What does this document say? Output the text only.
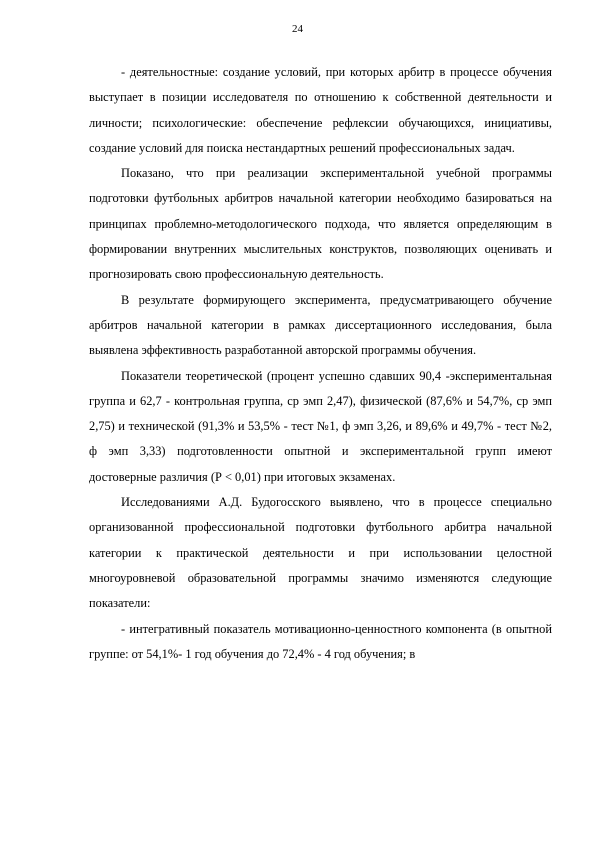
24

- деятельностные: создание условий, при которых арбитр в процессе обучения выступает в позиции исследователя по отношению к собственной деятельности и личности; психологические: обеспечение рефлексии обучающихся, инициативы, создание условий для поиска нестандартных решений профессиональных задач.

Показано, что при реализации экспериментальной учебной программы подготовки футбольных арбитров начальной категории необходимо базироваться на принципах проблемно-методологического подхода, что является определяющим в формировании внутренних мыслительных конструктов, позволяющих оценивать и прогнозировать свою профессиональную деятельность.

В результате формирующего эксперимента, предусматривающего обучение арбитров начальной категории в рамках диссертационного исследования, была выявлена эффективность разработанной авторской программы обучения.

Показатели теоретической (процент успешно сдавших 90,4 -экспериментальная группа и 62,7 - контрольная группа, ср эмп 2,47), физической (87,6% и 54,7%, ср эмп 2,75) и технической (91,3% и 53,5% - тест №1, ф эмп 3,26, и 89,6% и 49,7% - тест №2, ф эмп 3,33) подготовленности опытной и экспериментальной групп имеют достоверные различия (Р < 0,01) при итоговых экзаменах.

Исследованиями А.Д. Будогосского выявлено, что в процессе специально организованной профессиональной подготовки футбольного арбитра начальной категории к практической деятельности и при использовании целостной многоуровневой образовательной программы значимо изменяются следующие показатели:

- интегративный показатель мотивационно-ценностного компонента (в опытной группе: от 54,1%- 1 год обучения до 72,4% - 4 год обучения; в
